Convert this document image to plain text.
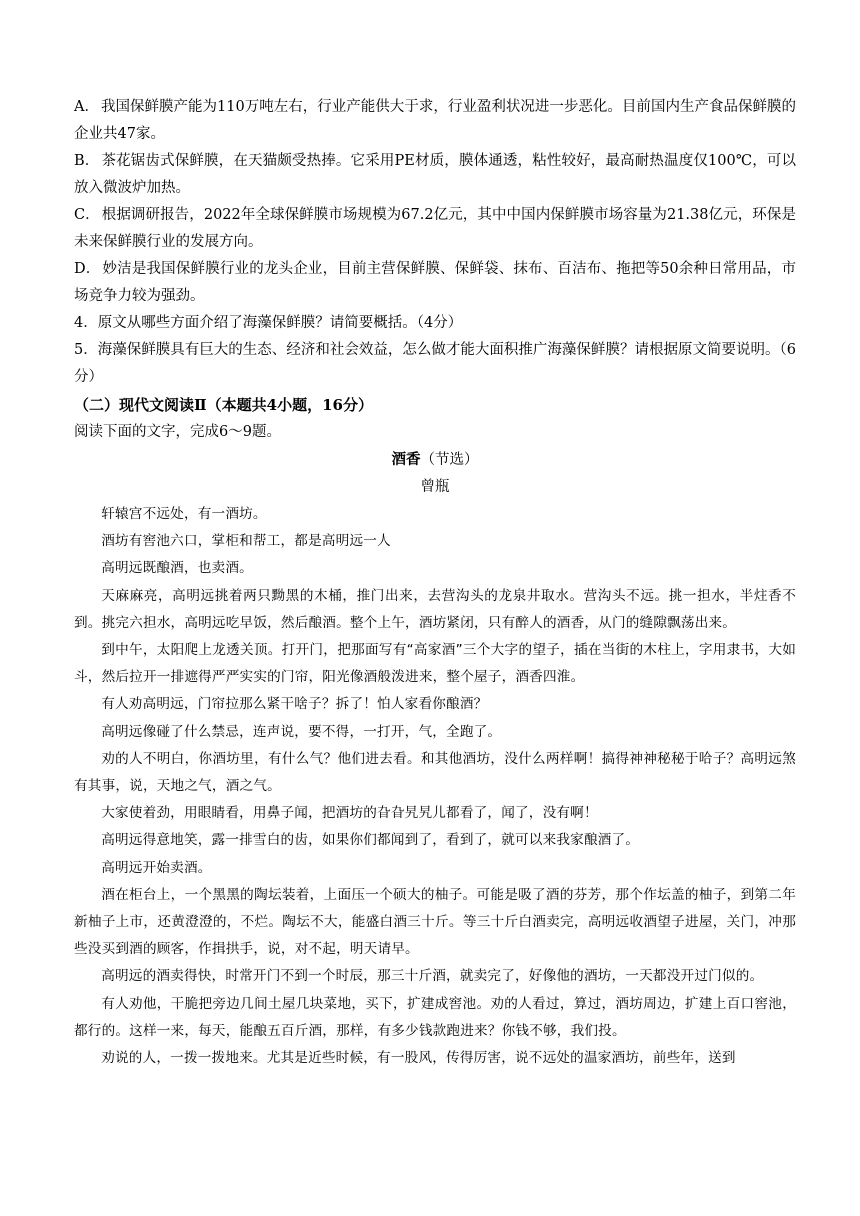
A． 我国保鲜膜产能为110万吨左右，行业产能供大于求，行业盈利状况进一步恶化。目前国内生产食品保鲜膜的企业共47家。

B． 茶花锯齿式保鲜膜，在天猫颇受热捧。它采用PE材质，膜体通透，粘性较好，最高耐热温度仅100℃，可以放入微波炉加热。

C． 根据调研报告，2022年全球保鲜膜市场规模为67.2亿元，其中中国内保鲜膜市场容量为21.38亿元，环保是未来保鲜膜行业的发展方向。

D． 妙洁是我国保鲜膜行业的龙头企业，目前主营保鲜膜、保鲜袋、抹布、百洁布、拖把等50余种日常用品，市场竞争力较为强劲。

4．原文从哪些方面介绍了海藻保鲜膜？请简要概括。（4分）

5．海藻保鲜膜具有巨大的生态、经济和社会效益，怎么做才能大面积推广海藻保鲜膜？请根据原文简要说明。（6分）

（二）现代文阅读Ⅱ（本题共4小题，16分）

阅读下面的文字，完成6～9题。

酒香（节选）

曾瓶

轩辕宫不远处，有一酒坊。

酒坊有窖池六口，掌柜和帮工，都是高明远一人

高明远既酿酒，也卖酒。

天麻麻亮，高明远挑着两只黝黑的木桶，推门出来，去营沟头的龙泉井取水。营沟头不远。挑一担水，半炷香不到。挑完六担水，高明远吃早饭，然后酿酒。整个上午，酒坊紧闭，只有醉人的酒香，从门的缝隙飘荡出来。

到中午，太阳爬上龙透关顶。打开门，把那面写有“高家酒”三个大字的望子，插在当街的木柱上，字用隶书，大如斗，然后拉开一排遮得严严实实的门帘，阳光像酒般泼进来，整个屋子，酒香四淮。

有人劝高明远，门帘拉那么紧干啥子？拆了！怕人家看你酿酒？

高明远像碰了什么禁忌，连声说，要不得，一打开，气，全跑了。

劝的人不明白，你酒坊里，有什么气？他们进去看。和其他酒坊，没什么两样啊！搞得神神秘秘于哈子？高明远煞有其事，说，天地之气，酒之气。

大家使着劲，用眼睛看，用鼻子闻，把酒坊的旮旮旯旯儿都看了，闻了，没有啊！

高明远得意地笑，露一排雪白的齿，如果你们都闻到了，看到了，就可以来我家酿酒了。

高明远开始卖酒。

酒在柜台上，一个黑黑的陶坛装着，上面压一个硕大的柚子。可能是吸了酒的芬芳，那个作坛盖的柚子，到第二年新柚子上市，还黄澄澄的，不烂。陶坛不大，能盛白酒三十斤。等三十斤白酒卖完，高明远收酒望子进屋，关门，冲那些没买到酒的顾客，作揖拱手，说，对不起，明天请早。

高明远的酒卖得快，时常开门不到一个时辰，那三十斤酒，就卖完了，好像他的酒坊，一天都没开过门似的。

有人劝他，干脆把旁边几间土屋几块菜地，买下，扩建成窖池。劝的人看过，算过，酒坊周边，扩建上百口窖池，都行的。这样一来，每天，能酿五百斤酒，那样，有多少钱款跑进来？你钱不够，我们投。

劝说的人，一拨一拨地来。尤其是近些时候，有一股风，传得厉害，说不远处的温家酒坊，前些年，送到
